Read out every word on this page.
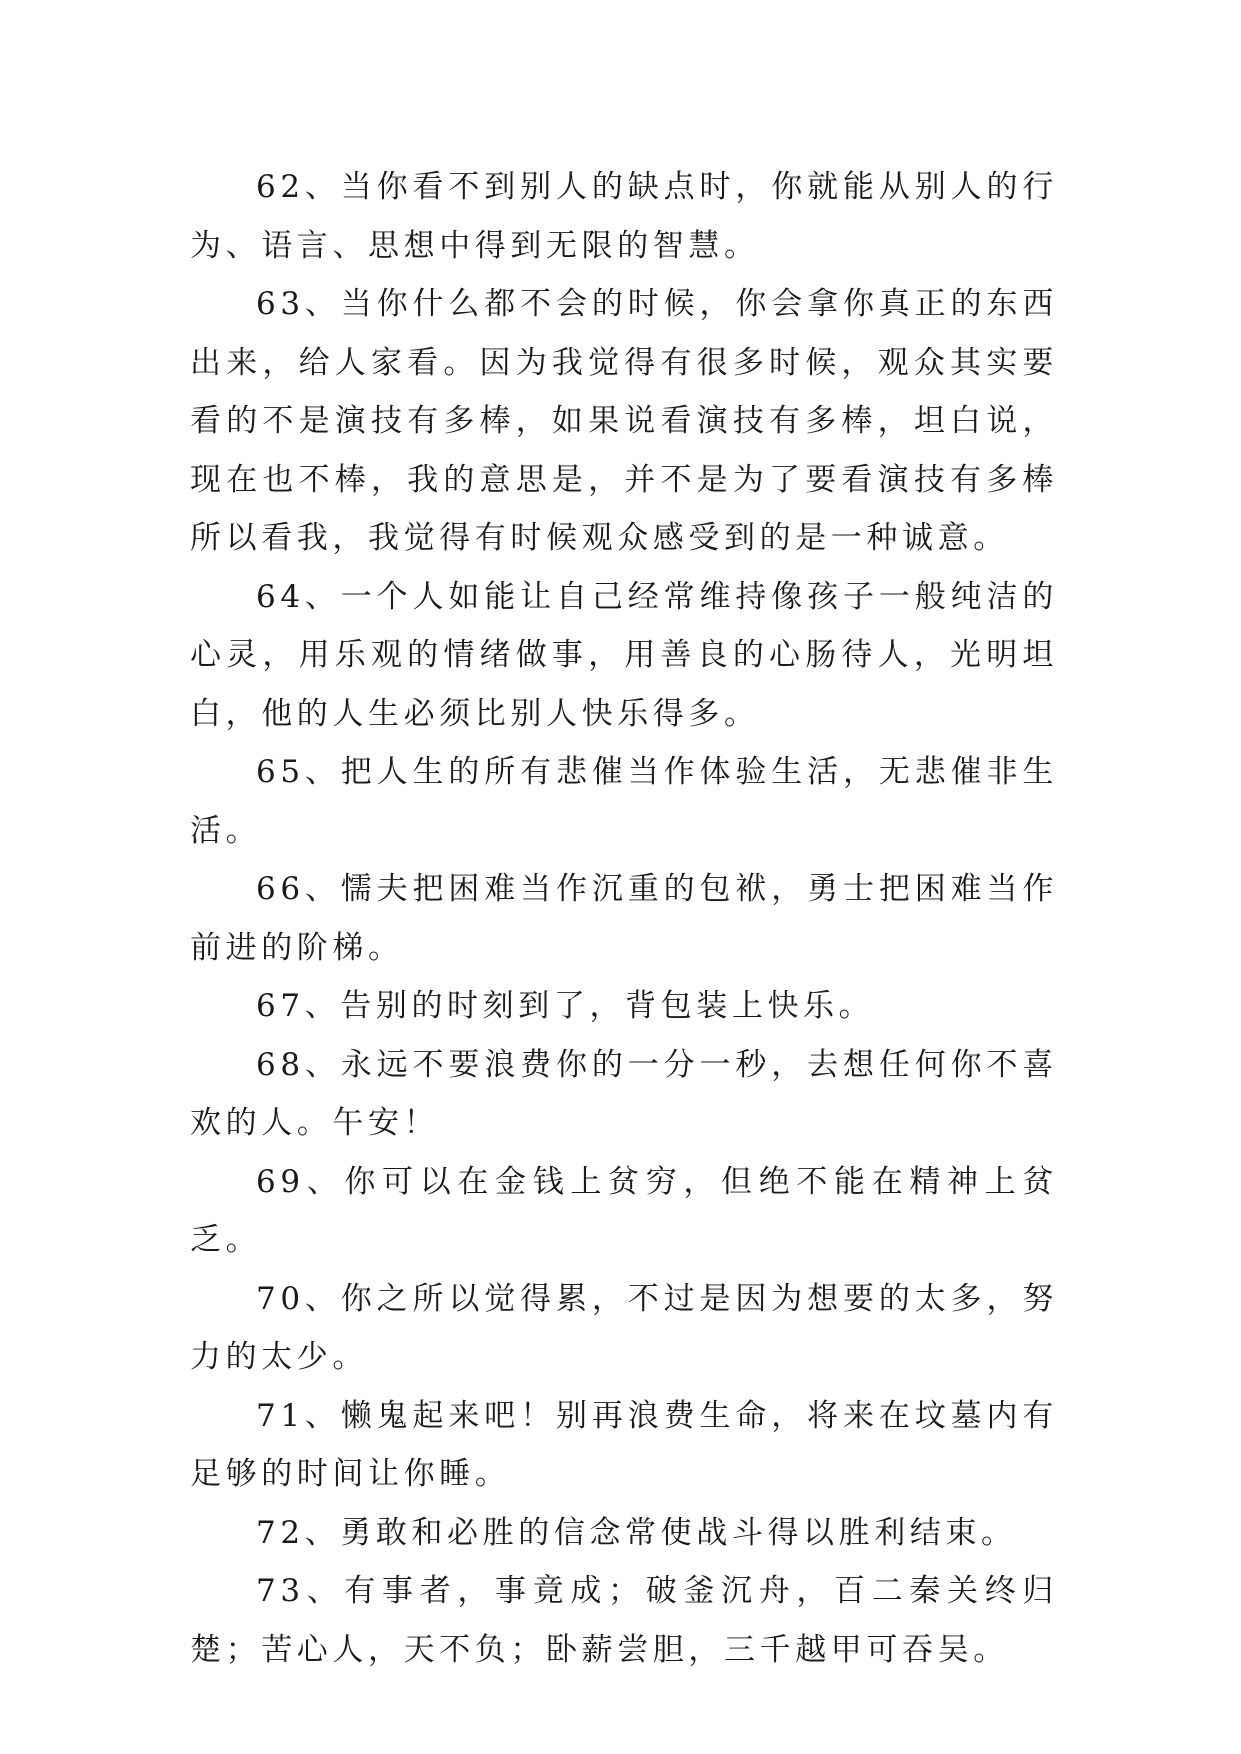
62、当你看不到别人的缺点时，你就能从别人的行为、语言、思想中得到无限的智慧。

63、当你什么都不会的时候，你会拿你真正的东西出来，给人家看。因为我觉得有很多时候，观众其实要看的不是演技有多棒，如果说看演技有多棒，坦白说，现在也不棒，我的意思是，并不是为了要看演技有多棒所以看我，我觉得有时候观众感受到的是一种诚意。

64、一个人如能让自己经常维持像孩子一般纯洁的心灵，用乐观的情绪做事，用善良的心肠待人，光明坦白，他的人生必须比别人快乐得多。

65、把人生的所有悲催当作体验生活，无悲催非生活。

66、懦夫把困难当作沉重的包袱，勇士把困难当作前进的阶梯。

67、告别的时刻到了，背包装上快乐。

68、永远不要浪费你的一分一秒，去想任何你不喜欢的人。午安！

69、你可以在金钱上贫穷，但绝不能在精神上贫乏。

70、你之所以觉得累，不过是因为想要的太多，努力的太少。

71、懒鬼起来吧！别再浪费生命，将来在坟墓内有足够的时间让你睡。

72、勇敢和必胜的信念常使战斗得以胜利结束。

73、有事者，事竟成；破釜沉舟，百二秦关终归楚；苦心人，天不负；卧薪尝胆，三千越甲可吞吴。
